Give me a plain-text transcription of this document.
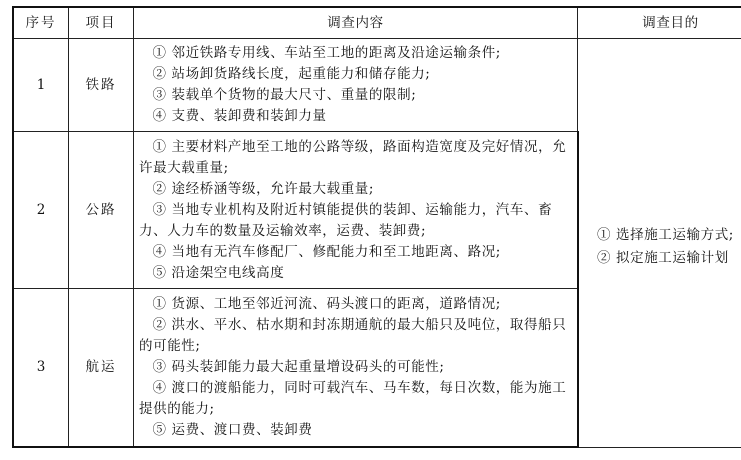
序号	项目	调查内容	调查目的
1	铁路	① 邻近铁路专用线、车站至工地的距离及沿途运输条件;
② 站场卸货路线长度，起重能力和储存能力;
③ 装载单个货物的最大尺寸、重量的限制;
④ 支费、装卸费和装卸力量	① 选择施工运输方式;
② 拟定施工运输计划

2	公路	① 主要材料产地至工地的公路等级，路面构造宽度及完好情况，允许最大载重量;
② 途经桥涵等级，允许最大载重量;
③ 当地专业机构及附近村镇能提供的装卸、运输能力，汽车、畜力、人力车的数量及运输效率，运费、装卸费;
④ 当地有无汽车修配厂、修配能力和至工地距离、路况;
⑤ 沿途架空电线高度	

3	航运	① 货源、工地至邻近河流、码头渡口的距离，道路情况;
② 洪水、平水、枯水期和封冻期通航的最大船只及吨位，取得船只的可能性;
③ 码头装卸能力最大起重量增设码头的可能性;
④ 渡口的渡船能力，同时可载汽车、马车数，每日次数，能为施工提供的能力;
⑤ 运费、渡口费、装卸费	
